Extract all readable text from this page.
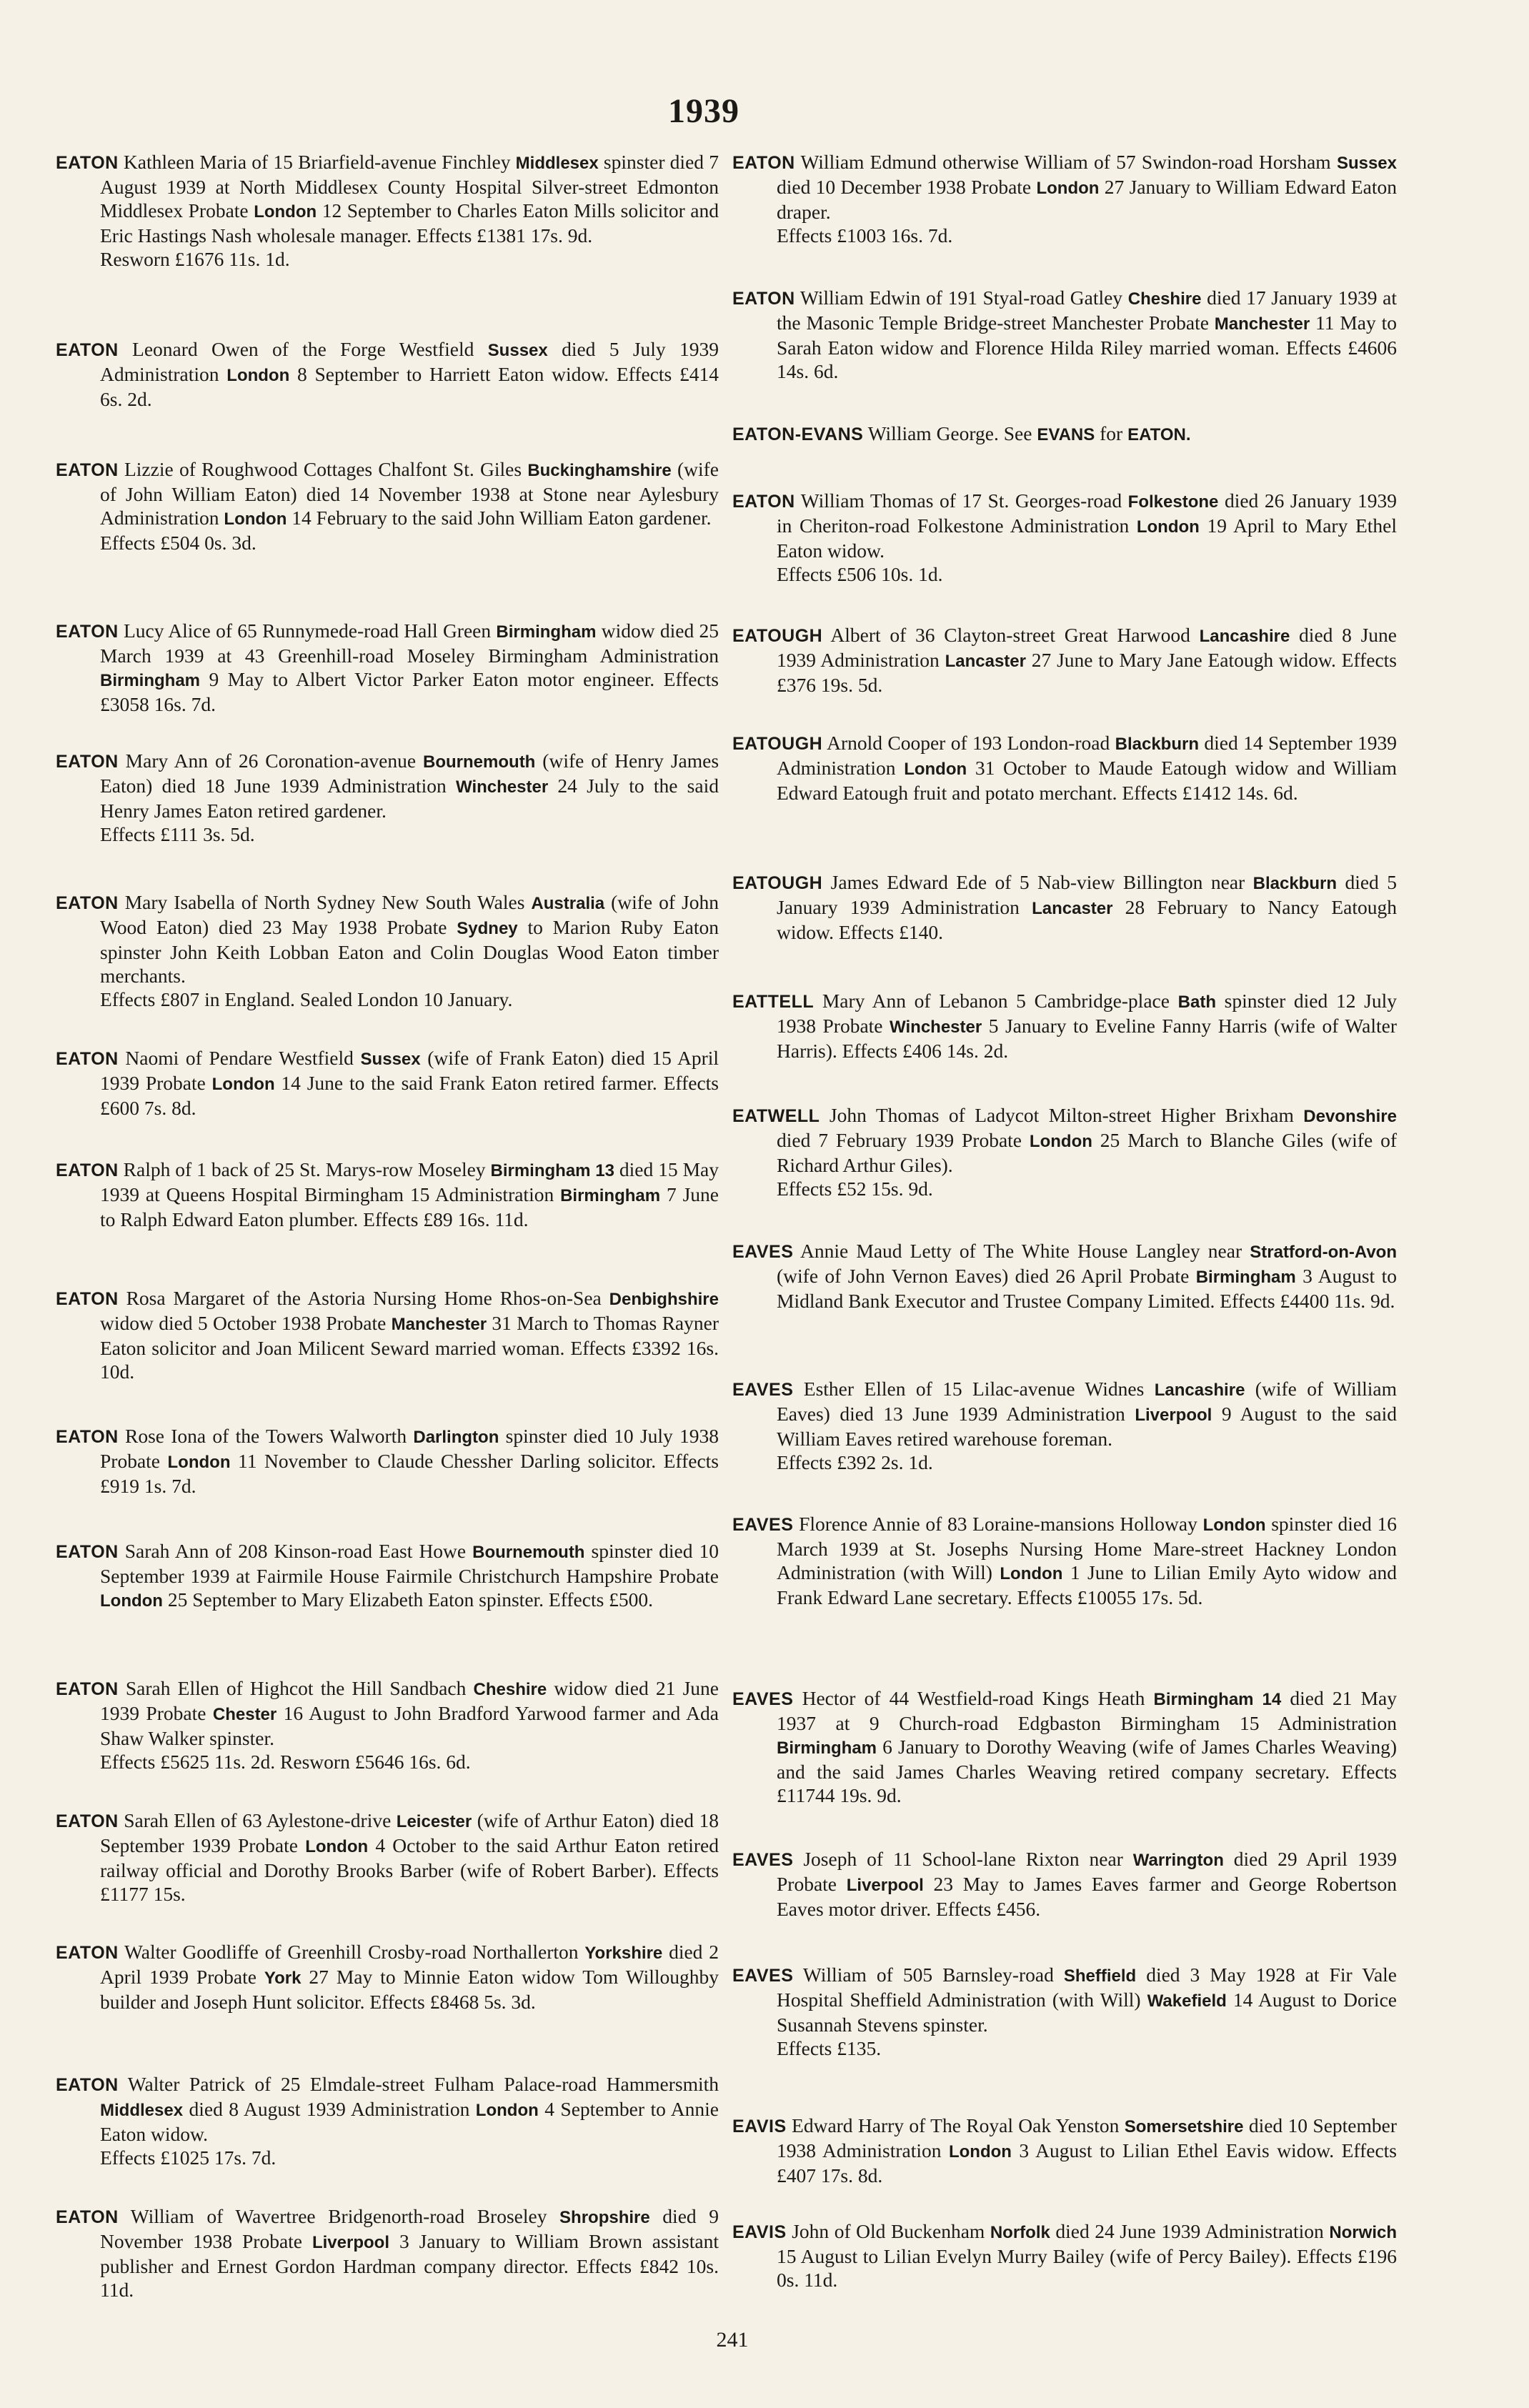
1939

EATON Kathleen Maria of 15 Briarfield-avenue Finchley Middlesex spinster died 7 August 1939 at North Middlesex County Hospital Silver-street Edmonton Middlesex Probate London 12 September to Charles Eaton Mills solicitor and Eric Hastings Nash wholesale manager. Effects £1381 17s. 9d.
Resworn £1676 11s. 1d.

EATON Leonard Owen of the Forge Westfield Sussex died 5 July 1939 Administration London 8 September to Harriett Eaton widow. Effects £414 6s. 2d.

EATON Lizzie of Roughwood Cottages Chalfont St. Giles Buckinghamshire (wife of John William Eaton) died 14 November 1938 at Stone near Aylesbury Administration London 14 February to the said John William Eaton gardener.
Effects £504 0s. 3d.

EATON Lucy Alice of 65 Runnymede-road Hall Green Birmingham widow died 25 March 1939 at 43 Greenhill-road Moseley Birmingham Administration Birmingham 9 May to Albert Victor Parker Eaton motor engineer. Effects £3058 16s. 7d.

EATON Mary Ann of 26 Coronation-avenue Bournemouth (wife of Henry James Eaton) died 18 June 1939 Administration Winchester 24 July to the said Henry James Eaton retired gardener.
Effects £111 3s. 5d.

EATON Mary Isabella of North Sydney New South Wales Australia (wife of John Wood Eaton) died 23 May 1938 Probate Sydney to Marion Ruby Eaton spinster John Keith Lobban Eaton and Colin Douglas Wood Eaton timber merchants.
Effects £807 in England. Sealed London 10 January.

EATON Naomi of Pendare Westfield Sussex (wife of Frank Eaton) died 15 April 1939 Probate London 14 June to the said Frank Eaton retired farmer. Effects £600 7s. 8d.

EATON Ralph of 1 back of 25 St. Marys-row Moseley Birmingham 13 died 15 May 1939 at Queens Hospital Birmingham 15 Administration Birmingham 7 June to Ralph Edward Eaton plumber. Effects £89 16s. 11d.

EATON Rosa Margaret of the Astoria Nursing Home Rhos-on-Sea Denbighshire widow died 5 October 1938 Probate Manchester 31 March to Thomas Rayner Eaton solicitor and Joan Milicent Seward married woman. Effects £3392 16s. 10d.

EATON Rose Iona of the Towers Walworth Darlington spinster died 10 July 1938 Probate London 11 November to Claude Chessher Darling solicitor. Effects £919 1s. 7d.

EATON Sarah Ann of 208 Kinson-road East Howe Bournemouth spinster died 10 September 1939 at Fairmile House Fairmile Christchurch Hampshire Probate London 25 September to Mary Elizabeth Eaton spinster. Effects £500.

EATON Sarah Ellen of Highcot the Hill Sandbach Cheshire widow died 21 June 1939 Probate Chester 16 August to John Bradford Yarwood farmer and Ada Shaw Walker spinster.
Effects £5625 11s. 2d. Resworn £5646 16s. 6d.

EATON Sarah Ellen of 63 Aylestone-drive Leicester (wife of Arthur Eaton) died 18 September 1939 Probate London 4 October to the said Arthur Eaton retired railway official and Dorothy Brooks Barber (wife of Robert Barber). Effects £1177 15s.

EATON Walter Goodliffe of Greenhill Crosby-road Northallerton Yorkshire died 2 April 1939 Probate York 27 May to Minnie Eaton widow Tom Willoughby builder and Joseph Hunt solicitor. Effects £8468 5s. 3d.

EATON Walter Patrick of 25 Elmdale-street Fulham Palace-road Hammersmith Middlesex died 8 August 1939 Administration London 4 September to Annie Eaton widow.
Effects £1025 17s. 7d.

EATON William of Wavertree Bridgenorth-road Broseley Shropshire died 9 November 1938 Probate Liverpool 3 January to William Brown assistant publisher and Ernest Gordon Hardman company director. Effects £842 10s. 11d.

EATON William Edmund otherwise William of 57 Swindon-road Horsham Sussex died 10 December 1938 Probate London 27 January to William Edward Eaton draper.
Effects £1003 16s. 7d.

EATON William Edwin of 191 Styal-road Gatley Cheshire died 17 January 1939 at the Masonic Temple Bridge-street Manchester Probate Manchester 11 May to Sarah Eaton widow and Florence Hilda Riley married woman. Effects £4606 14s. 6d.

EATON-EVANS William George. See EVANS for EATON.

EATON William Thomas of 17 St. Georges-road Folkestone died 26 January 1939 in Cheriton-road Folkestone Administration London 19 April to Mary Ethel Eaton widow.
Effects £506 10s. 1d.

EATOUGH Albert of 36 Clayton-street Great Harwood Lancashire died 8 June 1939 Administration Lancaster 27 June to Mary Jane Eatough widow. Effects £376 19s. 5d.

EATOUGH Arnold Cooper of 193 London-road Blackburn died 14 September 1939 Administration London 31 October to Maude Eatough widow and William Edward Eatough fruit and potato merchant. Effects £1412 14s. 6d.

EATOUGH James Edward Ede of 5 Nab-view Billington near Blackburn died 5 January 1939 Administration Lancaster 28 February to Nancy Eatough widow. Effects £140.

EATTELL Mary Ann of Lebanon 5 Cambridge-place Bath spinster died 12 July 1938 Probate Winchester 5 January to Eveline Fanny Harris (wife of Walter Harris). Effects £406 14s. 2d.

EATWELL John Thomas of Ladycot Milton-street Higher Brixham Devonshire died 7 February 1939 Probate London 25 March to Blanche Giles (wife of Richard Arthur Giles).
Effects £52 15s. 9d.

EAVES Annie Maud Letty of The White House Langley near Stratford-on-Avon (wife of John Vernon Eaves) died 26 April Probate Birmingham 3 August to Midland Bank Executor and Trustee Company Limited. Effects £4400 11s. 9d.

EAVES Esther Ellen of 15 Lilac-avenue Widnes Lancashire (wife of William Eaves) died 13 June 1939 Administration Liverpool 9 August to the said William Eaves retired warehouse foreman.
Effects £392 2s. 1d.

EAVES Florence Annie of 83 Loraine-mansions Holloway London spinster died 16 March 1939 at St. Josephs Nursing Home Mare-street Hackney London Administration (with Will) London 1 June to Lilian Emily Ayto widow and Frank Edward Lane secretary. Effects £10055 17s. 5d.

EAVES Hector of 44 Westfield-road Kings Heath Birmingham 14 died 21 May 1937 at 9 Church-road Edgbaston Birmingham 15 Administration Birmingham 6 January to Dorothy Weaving (wife of James Charles Weaving) and the said James Charles Weaving retired company secretary. Effects £11744 19s. 9d.

EAVES Joseph of 11 School-lane Rixton near Warrington died 29 April 1939 Probate Liverpool 23 May to James Eaves farmer and George Robertson Eaves motor driver. Effects £456.

EAVES William of 505 Barnsley-road Sheffield died 3 May 1928 at Fir Vale Hospital Sheffield Administration (with Will) Wakefield 14 August to Dorice Susannah Stevens spinster.
Effects £135.

EAVIS Edward Harry of The Royal Oak Yenston Somersetshire died 10 September 1938 Administration London 3 August to Lilian Ethel Eavis widow. Effects £407 17s. 8d.

EAVIS John of Old Buckenham Norfolk died 24 June 1939 Administration Norwich 15 August to Lilian Evelyn Murry Bailey (wife of Percy Bailey). Effects £196 0s. 11d.

241
